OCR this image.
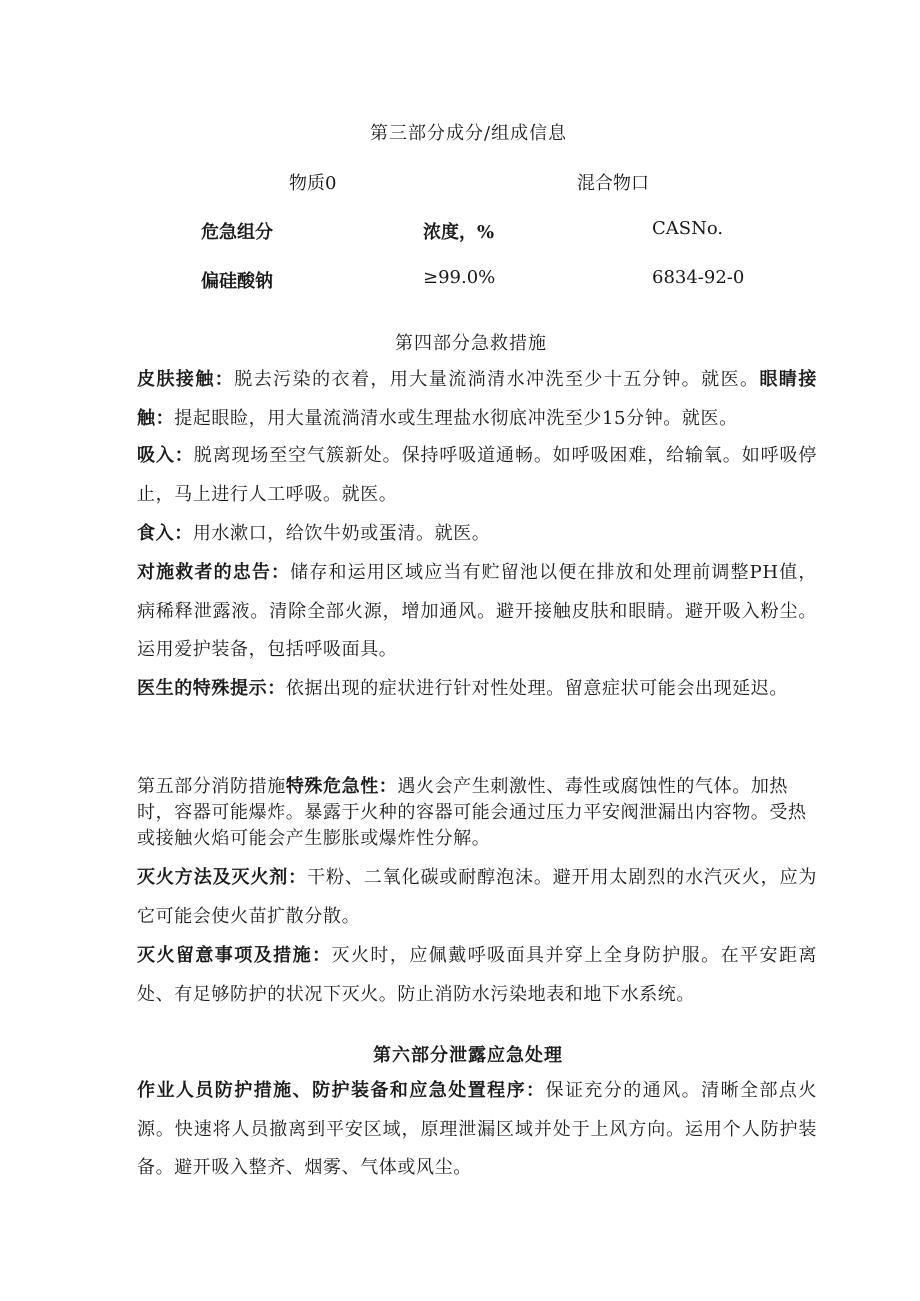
第三部分成分/组成信息
物质0	混合物口
危急组分	浓度，%	CASNo.
偏硅酸钠	≥99.0%	6834-92-0
第四部分急救措施
皮肤接触：脱去污染的衣着，用大量流淌清水冲洗至少十五分钟。就医。眼睛接触：提起眼睑，用大量流淌清水或生理盐水彻底冲洗至少15分钟。就医。
吸入：脱离现场至空气簇新处。保持呼吸道通畅。如呼吸困难，给输氧。如呼吸停止，马上进行人工呼吸。就医。
食入：用水漱口，给饮牛奶或蛋清。就医。
对施救者的忠告：储存和运用区域应当有贮留池以便在排放和处理前调整PH值，病稀释泄露液。清除全部火源，增加通风。避开接触皮肤和眼睛。避开吸入粉尘。运用爱护装备，包括呼吸面具。
医生的特殊提示：依据出现的症状进行针对性处理。留意症状可能会出现延迟。
第五部分消防措施特殊危急性：遇火会产生刺激性、毒性或腐蚀性的气体。加热时，容器可能爆炸。暴露于火种的容器可能会通过压力平安阀泄漏出内容物。受热或接触火焰可能会产生膨胀或爆炸性分解。
灭火方法及灭火剂：干粉、二氧化碳或耐醇泡沫。避开用太剧烈的水汽灭火，应为它可能会使火苗扩散分散。
灭火留意事项及措施：灭火时，应佩戴呼吸面具并穿上全身防护服。在平安距离处、有足够防护的状况下灭火。防止消防水污染地表和地下水系统。
第六部分泄露应急处理
作业人员防护措施、防护装备和应急处置程序：保证充分的通风。清晰全部点火源。快速将人员撤离到平安区域，原理泄漏区域并处于上风方向。运用个人防护装备。避开吸入整齐、烟雾、气体或风尘。
